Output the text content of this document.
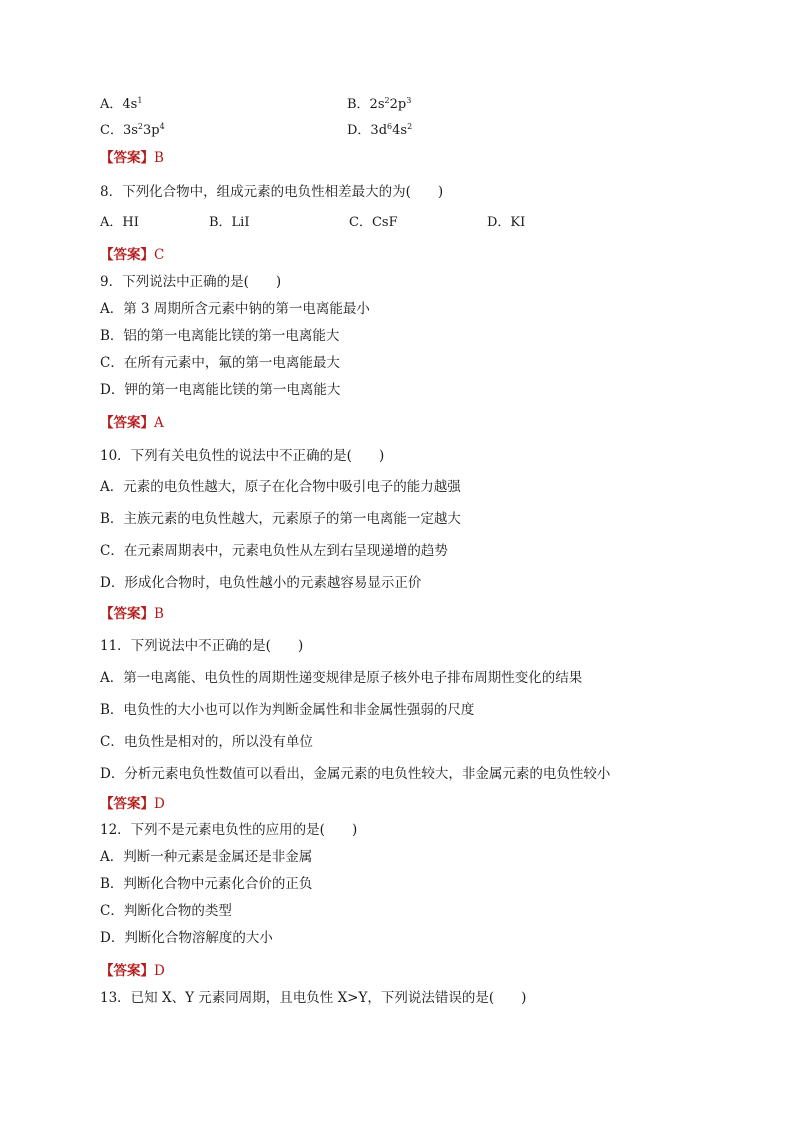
A．$4s^1$	B．$2s^22p^3$
C．$3s^23p^4$	D．$3d^64s^2$
【答案】B
8．下列化合物中，组成元素的电负性相差最大的为(　　)
A．HI	B．LiI	C．CsF	D．KI
【答案】C
9．下列说法中正确的是(　　)
A．第 3 周期所含元素中钠的第一电离能最小
B．铝的第一电离能比镁的第一电离能大
C．在所有元素中，氟的第一电离能最大
D．钾的第一电离能比镁的第一电离能大
【答案】A
10．下列有关电负性的说法中不正确的是(　　)
A．元素的电负性越大，原子在化合物中吸引电子的能力越强
B．主族元素的电负性越大，元素原子的第一电离能一定越大
C．在元素周期表中，元素电负性从左到右呈现递增的趋势
D．形成化合物时，电负性越小的元素越容易显示正价
【答案】B
11．下列说法中不正确的是(　　)
A．第一电离能、电负性的周期性递变规律是原子核外电子排布周期性变化的结果
B．电负性的大小也可以作为判断金属性和非金属性强弱的尺度
C．电负性是相对的，所以没有单位
D．分析元素电负性数值可以看出，金属元素的电负性较大，非金属元素的电负性较小
【答案】D
12．下列不是元素电负性的应用的是(　　)
A．判断一种元素是金属还是非金属
B．判断化合物中元素化合价的正负
C．判断化合物的类型
D．判断化合物溶解度的大小
【答案】D
13．已知 X、Y 元素同周期，且电负性 X>Y，下列说法错误的是(　　)
